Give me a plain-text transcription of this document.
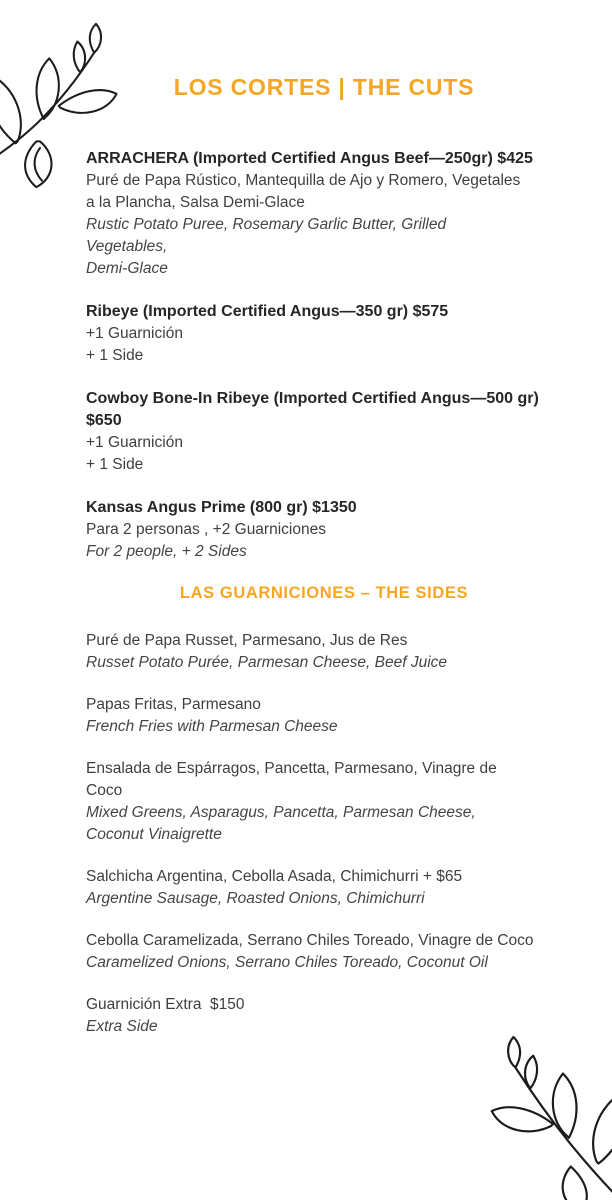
LOS CORTES | THE CUTS
ARRACHERA (Imported Certified Angus Beef—250gr) $425
Puré de Papa Rústico, Mantequilla de Ajo y Romero, Vegetales
a la Plancha, Salsa Demi-Glace
Rustic Potato Puree, Rosemary Garlic Butter, Grilled
Vegetables,
Demi-Glace
Ribeye (Imported Certified Angus—350 gr) $575
+1 Guarnición
+ 1 Side
Cowboy Bone-In Ribeye (Imported Certified Angus—500 gr)
$650
+1 Guarnición
+ 1 Side
Kansas Angus Prime (800 gr) $1350
Para 2 personas , +2 Guarniciones
For 2 people, + 2 Sides
LAS GUARNICIONES – THE SIDES
Puré de Papa Russet, Parmesano, Jus de Res
Russet Potato Purée, Parmesan Cheese, Beef Juice
Papas Fritas, Parmesano
French Fries with Parmesan Cheese
Ensalada de Espárragos, Pancetta, Parmesano, Vinagre de
Coco
Mixed Greens, Asparagus, Pancetta, Parmesan Cheese,
Coconut Vinaigrette
Salchicha Argentina, Cebolla Asada, Chimichurri + $65
Argentine Sausage, Roasted Onions, Chimichurri
Cebolla Caramelizada, Serrano Chiles Toreado, Vinagre de Coco
Caramelized Onions, Serrano Chiles Toreado, Coconut Oil
Guarnición Extra  $150
Extra Side
